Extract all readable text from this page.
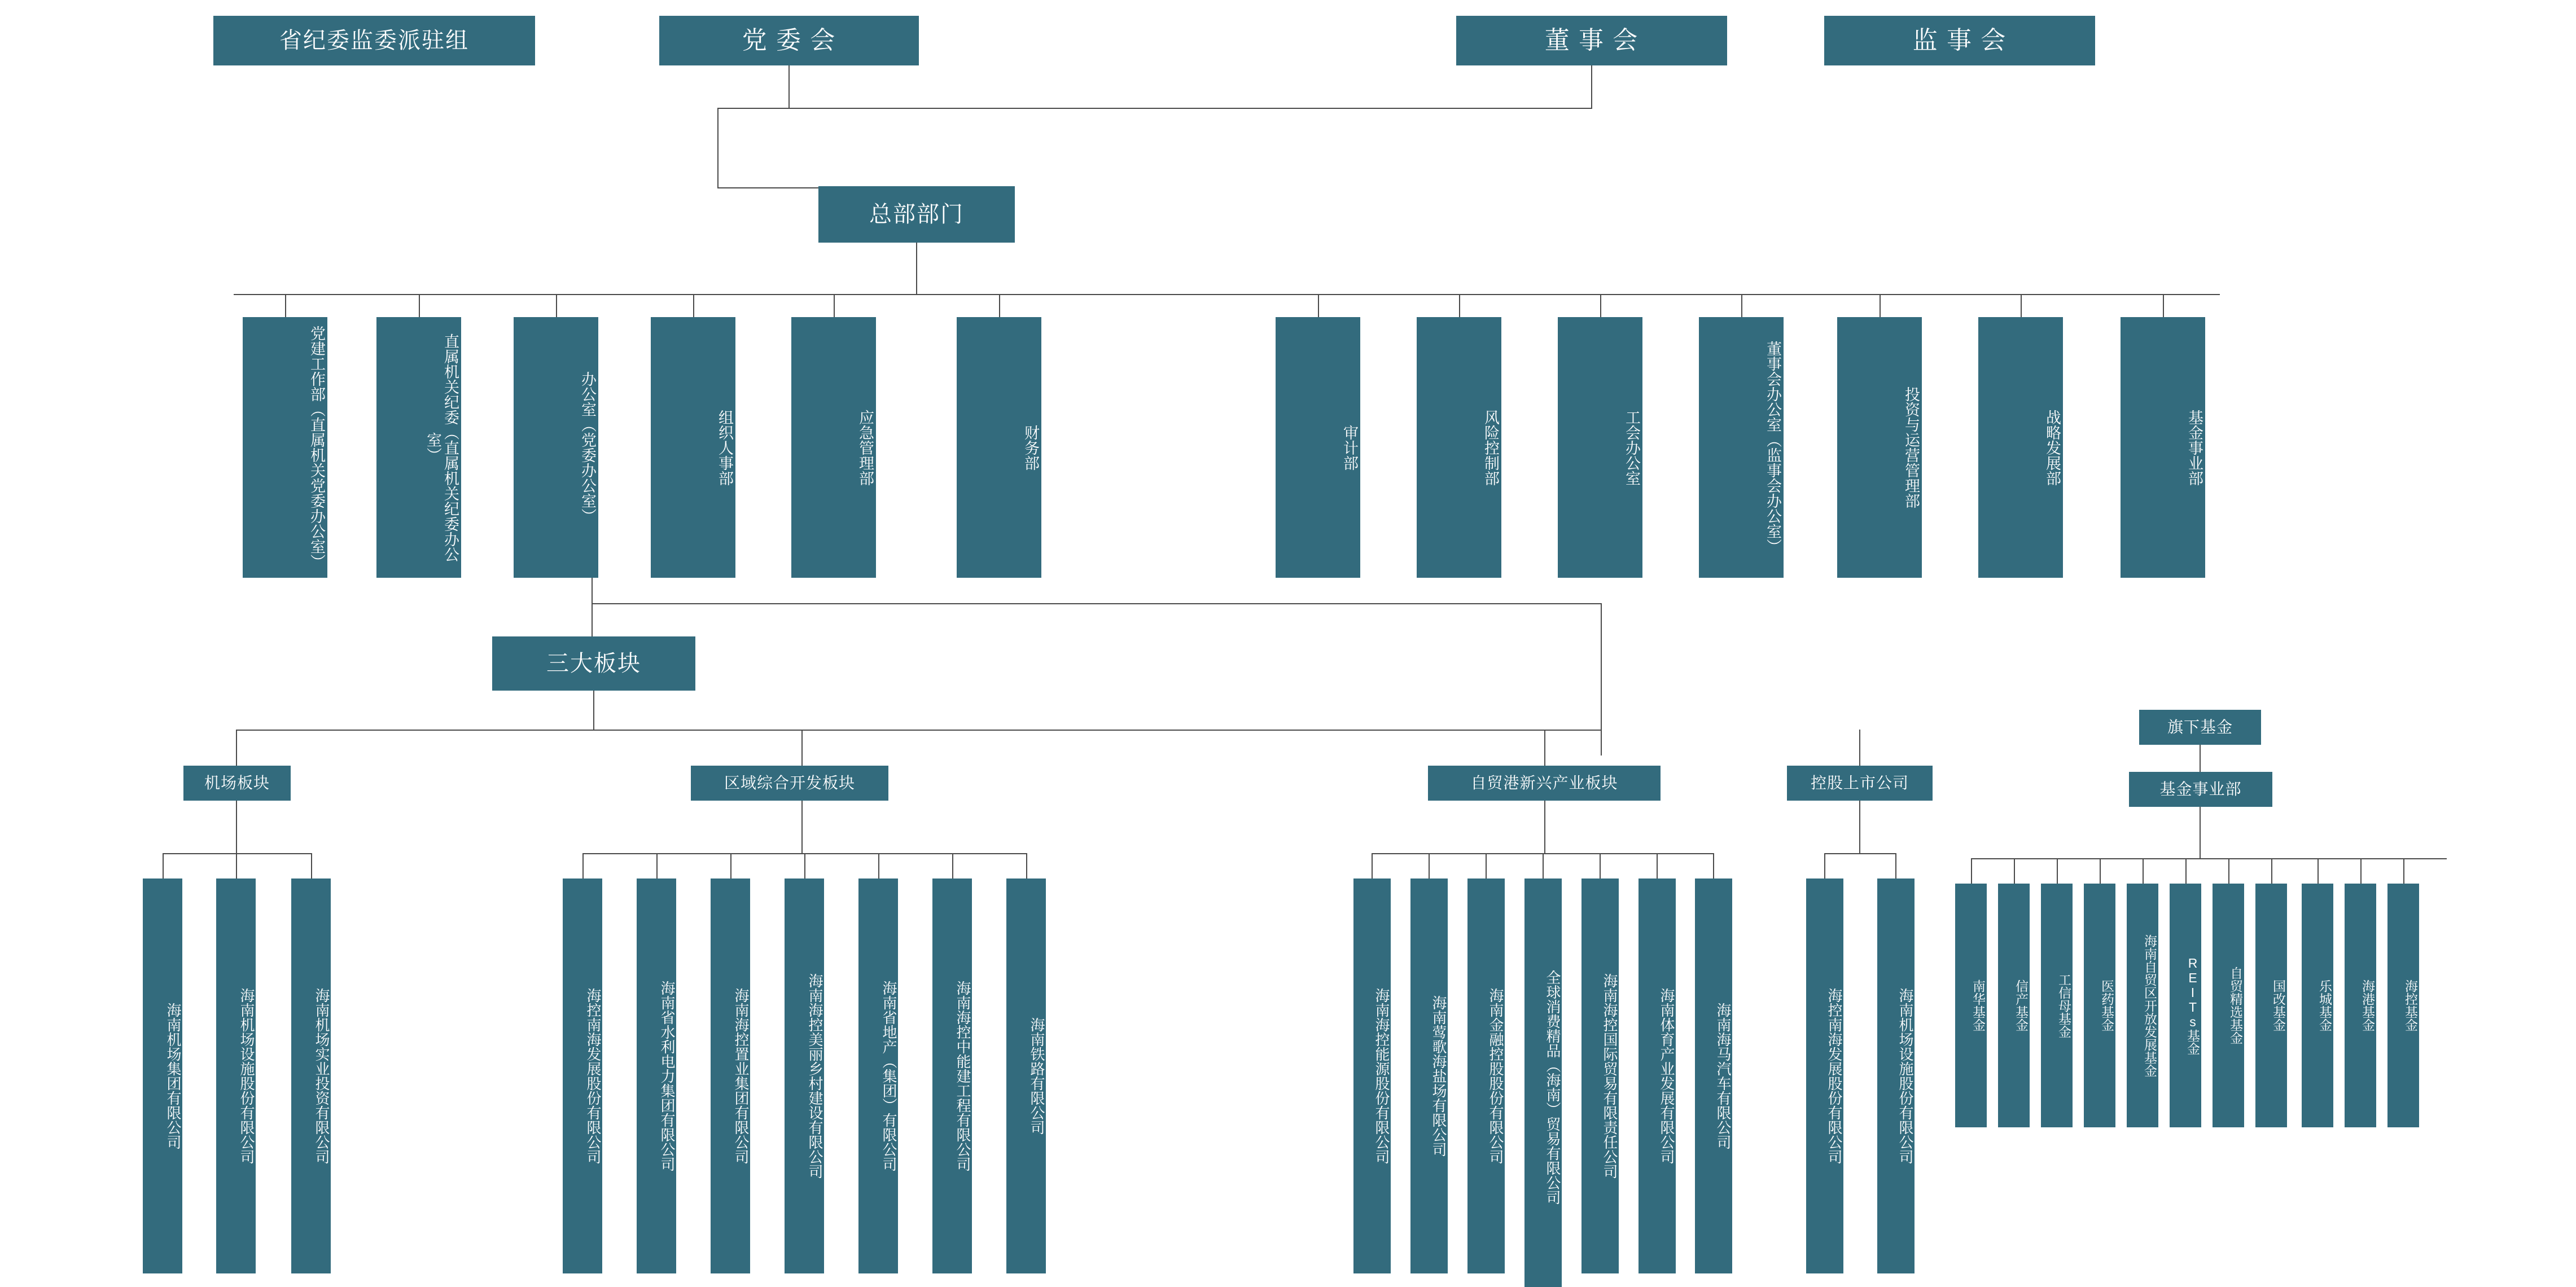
省纪委监委派驻组	党 委 会	董 事 会	监 事 会
总部部门
党建工作部（直属机关党委办公室）	直属机关纪委（直属机关纪委办公室）	办公室（党委办公室）	组织人事部	应急管理部	财务部	审计部	风险控制部	工会办公室	董事会办公室（监事会办公室）	投资与运营管理部	战略发展部	基金事业部
三大板块
机场板块	区域综合开发板块	自贸港新兴产业板块	控股上市公司
旗下基金
基金事业部
南华基金	信产基金	工信母基金	医药基金	海南自贸区开放发展基金	REITs基金	自贸精选基金	国改基金	乐城基金	海港基金	海控基金
海南机场集团有限公司	海南机场设施股份有限公司	海南机场实业投资有限公司	海控南海发展股份有限公司	海南省水利电力集团有限公司	海南海控置业集团有限公司	海南海控美丽乡村建设有限公司	海南省地产（集团）有限公司	海南海控中能建工程有限公司	海南铁路有限公司	海南海控能源股份有限公司	海南莺歌海盐场有限公司	海南金融控股股份有限公司	全球消费精品（海南）贸易有限公司	海南海控国际贸易有限责任公司	海南体育产业发展有限公司	海南海马汽车有限公司	海控南海发展股份有限公司	海南机场设施股份有限公司
